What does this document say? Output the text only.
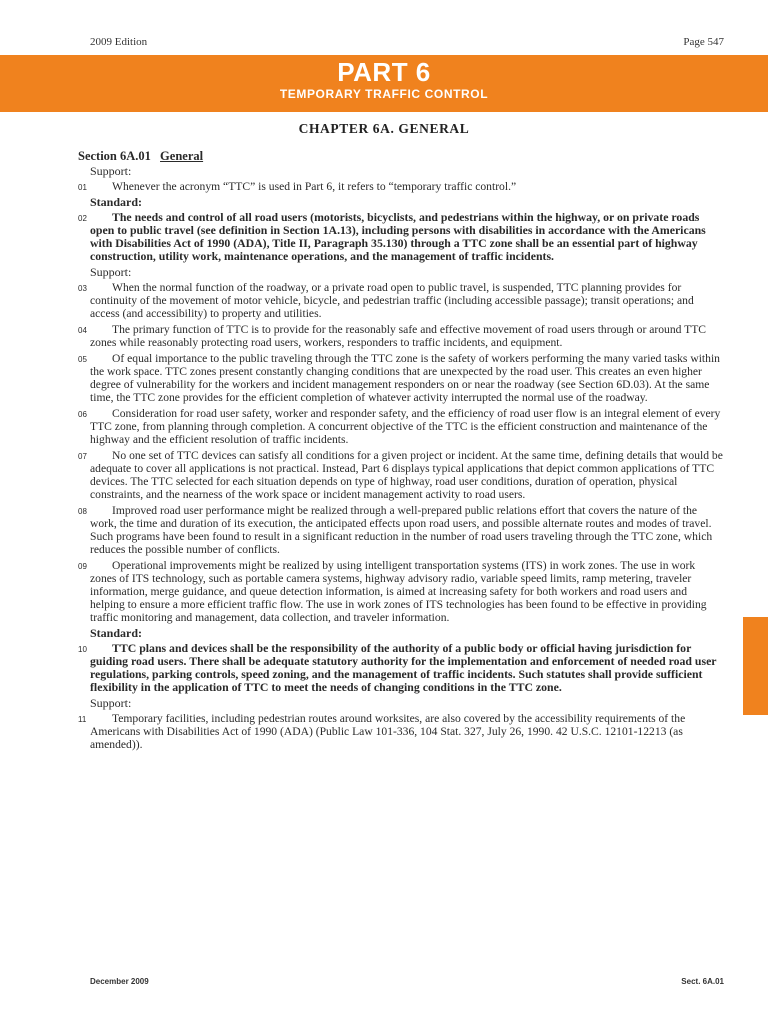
2009 Edition	Page 547
PART 6
TEMPORARY TRAFFIC CONTROL
CHAPTER 6A. GENERAL
Section 6A.01 General
Support:
01 Whenever the acronym “TTC” is used in Part 6, it refers to “temporary traffic control.”
Standard:
02 The needs and control of all road users (motorists, bicyclists, and pedestrians within the highway, or on private roads open to public travel (see definition in Section 1A.13), including persons with disabilities in accordance with the Americans with Disabilities Act of 1990 (ADA), Title II, Paragraph 35.130) through a TTC zone shall be an essential part of highway construction, utility work, maintenance operations, and the management of traffic incidents.
Support:
03 When the normal function of the roadway, or a private road open to public travel, is suspended, TTC planning provides for continuity of the movement of motor vehicle, bicycle, and pedestrian traffic (including accessible passage); transit operations; and access (and accessibility) to property and utilities.
04 The primary function of TTC is to provide for the reasonably safe and effective movement of road users through or around TTC zones while reasonably protecting road users, workers, responders to traffic incidents, and equipment.
05 Of equal importance to the public traveling through the TTC zone is the safety of workers performing the many varied tasks within the work space. TTC zones present constantly changing conditions that are unexpected by the road user. This creates an even higher degree of vulnerability for the workers and incident management responders on or near the roadway (see Section 6D.03). At the same time, the TTC zone provides for the efficient completion of whatever activity interrupted the normal use of the roadway.
06 Consideration for road user safety, worker and responder safety, and the efficiency of road user flow is an integral element of every TTC zone, from planning through completion. A concurrent objective of the TTC is the efficient construction and maintenance of the highway and the efficient resolution of traffic incidents.
07 No one set of TTC devices can satisfy all conditions for a given project or incident. At the same time, defining details that would be adequate to cover all applications is not practical. Instead, Part 6 displays typical applications that depict common applications of TTC devices. The TTC selected for each situation depends on type of highway, road user conditions, duration of operation, physical constraints, and the nearness of the work space or incident management activity to road users.
08 Improved road user performance might be realized through a well-prepared public relations effort that covers the nature of the work, the time and duration of its execution, the anticipated effects upon road users, and possible alternate routes and modes of travel. Such programs have been found to result in a significant reduction in the number of road users traveling through the TTC zone, which reduces the possible number of conflicts.
09 Operational improvements might be realized by using intelligent transportation systems (ITS) in work zones. The use in work zones of ITS technology, such as portable camera systems, highway advisory radio, variable speed limits, ramp metering, traveler information, merge guidance, and queue detection information, is aimed at increasing safety for both workers and road users and helping to ensure a more efficient traffic flow. The use in work zones of ITS technologies has been found to be effective in providing traffic monitoring and management, data collection, and traveler information.
Standard:
10 TTC plans and devices shall be the responsibility of the authority of a public body or official having jurisdiction for guiding road users. There shall be adequate statutory authority for the implementation and enforcement of needed road user regulations, parking controls, speed zoning, and the management of traffic incidents. Such statutes shall provide sufficient flexibility in the application of TTC to meet the needs of changing conditions in the TTC zone.
Support:
11 Temporary facilities, including pedestrian routes around worksites, are also covered by the accessibility requirements of the Americans with Disabilities Act of 1990 (ADA) (Public Law 101-336, 104 Stat. 327, July 26, 1990. 42 U.S.C. 12101-12213 (as amended)).
December 2009	Sect. 6A.01
